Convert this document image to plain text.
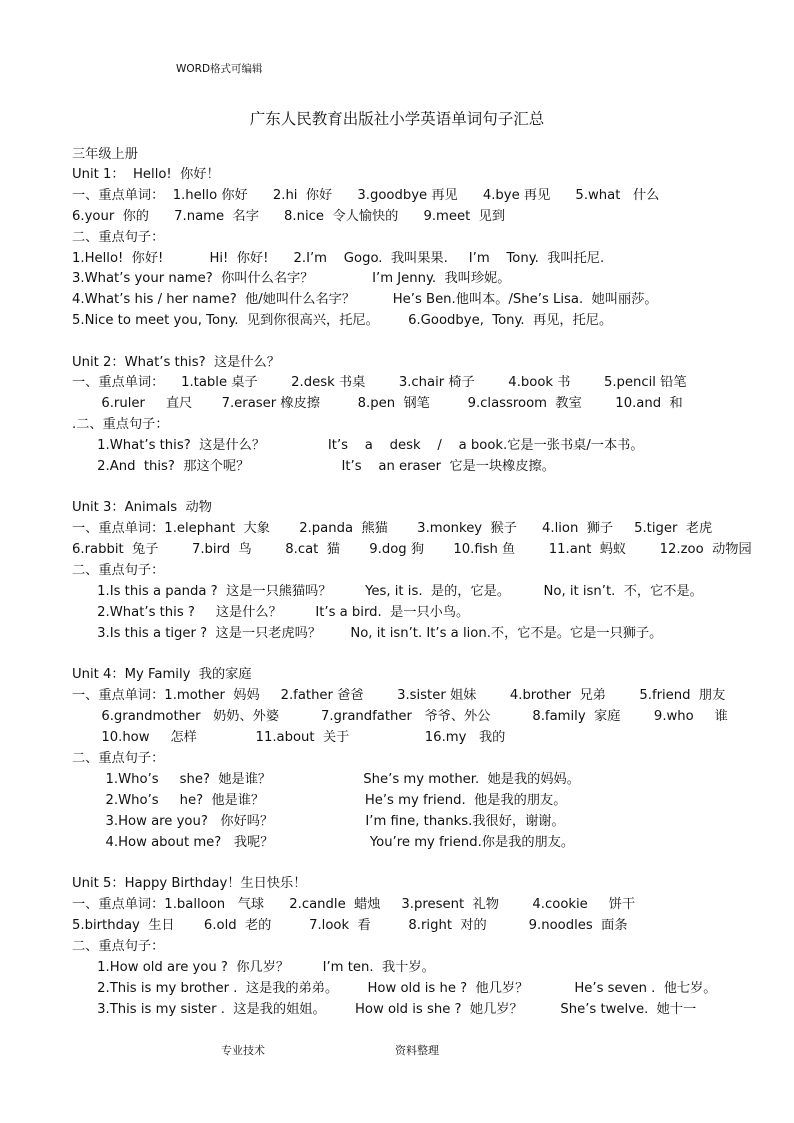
WORD格式可编辑
广东人民教育出版社小学英语单词句子汇总
三年级上册
Unit 1：  Hello!  你好！
一、重点单词：  1.hello 你好      2.hi  你好      3.goodbye 再见      4.bye 再见      5.what   什么
6.your  你的      7.name  名字      8.nice  令人愉快的      9.meet  见到
二、重点句子：
1.Hello!  你好!           Hi!  你好!      2.I’m    Gogo.  我叫果果.     I’m    Tony.  我叫托尼.
3.What’s your name?  你叫什么名字？              I’m Jenny.  我叫珍妮。
4.What’s his / her name?  他/她叫什么名字？         He’s Ben.他叫本。/She’s Lisa.  她叫丽莎。
5.Nice to meet you, Tony.  见到你很高兴，托尼。       6.Goodbye,  Tony.  再见，托尼。
Unit 2：What’s this?  这是什么？
一、重点单词：    1.table 桌子        2.desk 书桌        3.chair 椅子        4.book 书        5.pencil 铅笔
6.ruler     直尺       7.eraser 橡皮擦         8.pen  钢笔         9.classroom  教室        10.and  和
.二、重点句子：
1.What’s this?  这是什么？               It’s    a    desk    /    a book.它是一张书桌/一本书。
2.And  this?  那这个呢？                      It’s    an eraser  它是一块橡皮擦。
Unit 3：Animals  动物
一、重点单词：1.elephant  大象       2.panda  熊猫       3.monkey  猴子      4.lion  狮子     5.tiger  老虎
6.rabbit  兔子        7.bird  鸟        8.cat  猫       9.dog 狗       10.fish 鱼        11.ant  蚂蚁        12.zoo  动物园
二、重点句子：
1.Is this a panda ?  这是一只熊猫吗？        Yes, it is.  是的，它是。        No, it isn’t.  不，它不是。
2.What’s this ?     这是什么？        It’s a bird.  是一只小鸟。
3.Is this a tiger ?  这是一只老虎吗？       No, it isn’t. It’s a lion.不，它不是。它是一只狮子。
Unit 4：My Family  我的家庭
一、重点单词：1.mother  妈妈     2.father 爸爸        3.sister 姐妹        4.brother  兄弟        5.friend  朋友
6.grandmother   奶奶、外婆          7.grandfather   爷爷、外公          8.family  家庭        9.who     谁
10.how     怎样              11.about  关于                  16.my   我的
二、重点句子：
1.Who’s     she?  她是谁？                      She’s my mother.  她是我的妈妈。
2.Who’s     he?  他是谁？                        He’s my friend.  他是我的朋友。
3.How are you?   你好吗？                      I’m fine, thanks.我很好，谢谢。
4.How about me?   我呢？                       You’re my friend.你是我的朋友。
Unit 5：Happy Birthday！生日快乐！
一、重点单词：1.balloon   气球      2.candle  蜡烛     3.present  礼物        4.cookie     饼干
5.birthday  生日       6.old  老的         7.look  看         8.right  对的          9.noodles  面条
二、重点句子：
1.How old are you ?  你几岁？        I’m ten.  我十岁。
2.This is my brother .  这是我的弟弟。       How old is he ?  他几岁？           He’s seven .  他七岁。
3.This is my sister .  这是我的姐姐。       How old is she ?  她几岁？         She’s twelve.  她十一
专业技术	资料整理
